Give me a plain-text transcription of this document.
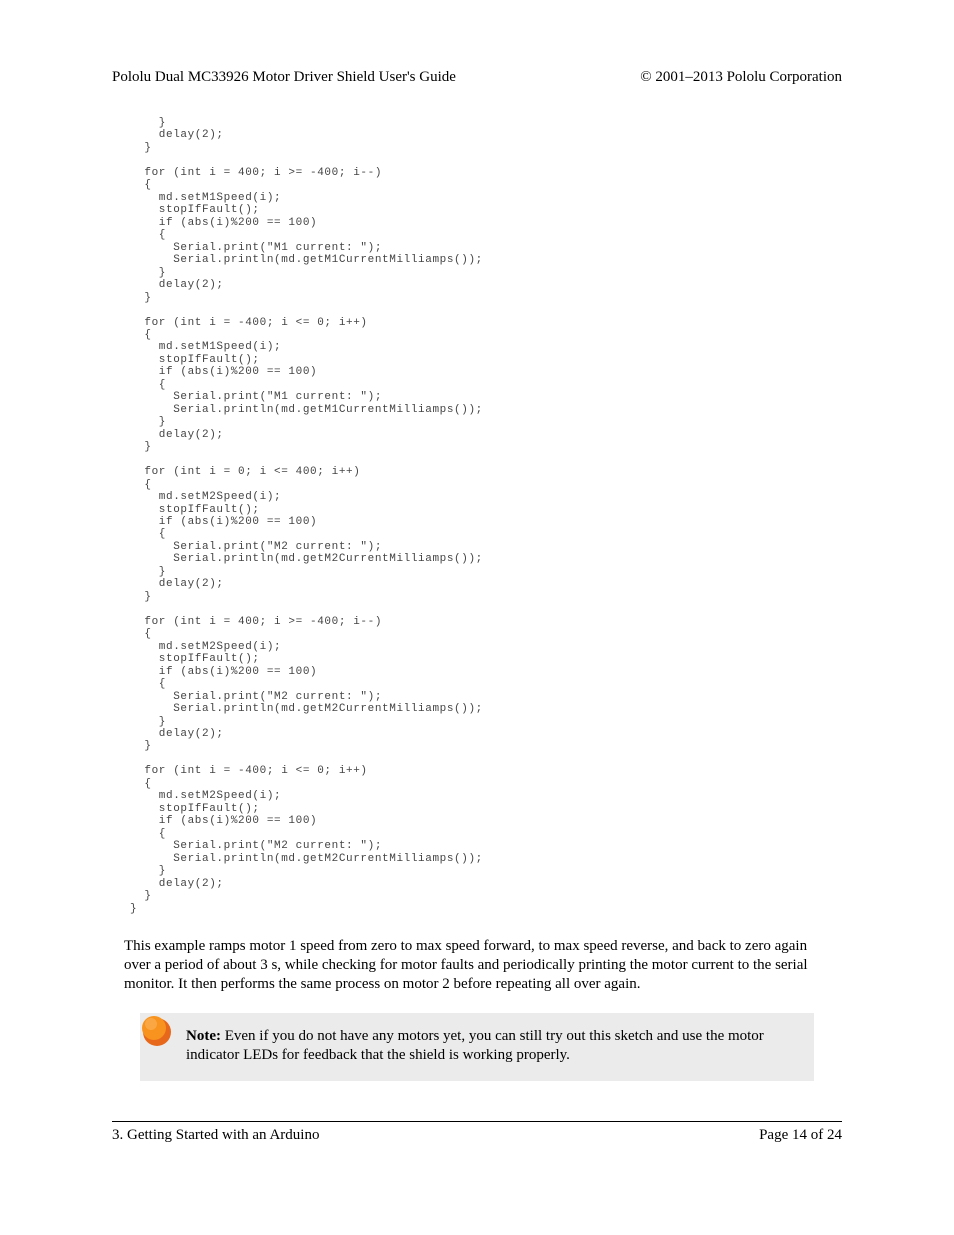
Pololu Dual MC33926 Motor Driver Shield User's Guide	© 2001–2013 Pololu Corporation
}
delay(2);
}
for (int i = 400; i >= -400; i--)
{
md.setM1Speed(i);
stopIfFault();
if (abs(i)%200 == 100)
{
Serial.print("M1 current: ");
Serial.println(md.getM1CurrentMilliamps());
}
delay(2);
}
for (int i = -400; i <= 0; i++)
{
md.setM1Speed(i);
stopIfFault();
if (abs(i)%200 == 100)
{
Serial.print("M1 current: ");
Serial.println(md.getM1CurrentMilliamps());
}
delay(2);
}
for (int i = 0; i <= 400; i++)
{
md.setM2Speed(i);
stopIfFault();
if (abs(i)%200 == 100)
{
Serial.print("M2 current: ");
Serial.println(md.getM2CurrentMilliamps());
}
delay(2);
}
for (int i = 400; i >= -400; i--)
{
md.setM2Speed(i);
stopIfFault();
if (abs(i)%200 == 100)
{
Serial.print("M2 current: ");
Serial.println(md.getM2CurrentMilliamps());
}
delay(2);
}
for (int i = -400; i <= 0; i++)
{
md.setM2Speed(i);
stopIfFault();
if (abs(i)%200 == 100)
{
Serial.print("M2 current: ");
Serial.println(md.getM2CurrentMilliamps());
}
delay(2);
}
}

This example ramps motor 1 speed from zero to max speed forward, to max speed reverse, and back to zero again over a period of about 3 s, while checking for motor faults and periodically printing the motor current to the serial monitor. It then performs the same process on motor 2 before repeating all over again.

Note: Even if you do not have any motors yet, you can still try out this sketch and use the motor indicator LEDs for feedback that the shield is working properly.
3. Getting Started with an Arduino	Page 14 of 24
